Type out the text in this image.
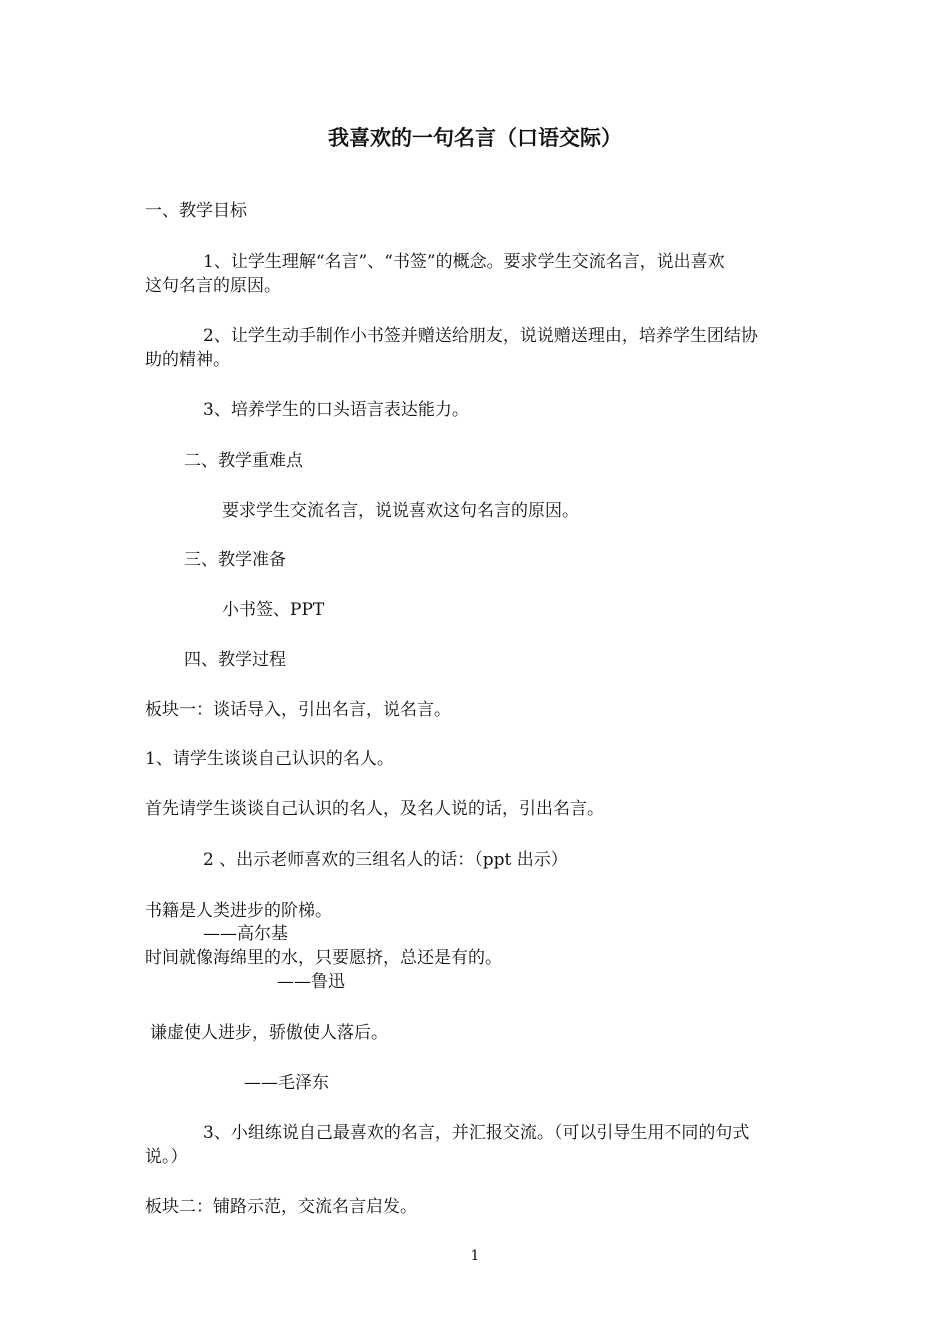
我喜欢的一句名言（口语交际）
一、教学目标
1、让学生理解“名言”、“书签”的概念。要求学生交流名言，说出喜欢
这句名言的原因。
2、让学生动手制作小书签并赠送给朋友，说说赠送理由，培养学生团结协
助的精神。
3、培养学生的口头语言表达能力。
二、教学重难点
要求学生交流名言，说说喜欢这句名言的原因。
三、教学准备
小书签、PPT
四、教学过程
板块一：谈话导入，引出名言，说名言。
1、请学生谈谈自己认识的名人。
首先请学生谈谈自己认识的名人，及名人说的话，引出名言。
2 、出示老师喜欢的三组名人的话：（ppt 出示）
书籍是人类进步的阶梯。
——高尔基
时间就像海绵里的水，只要愿挤，总还是有的。
——鲁迅
谦虚使人进步，骄傲使人落后。
——毛泽东
3、小组练说自己最喜欢的名言，并汇报交流。（可以引导生用不同的句式
说。）
板块二：铺路示范，交流名言启发。
1
